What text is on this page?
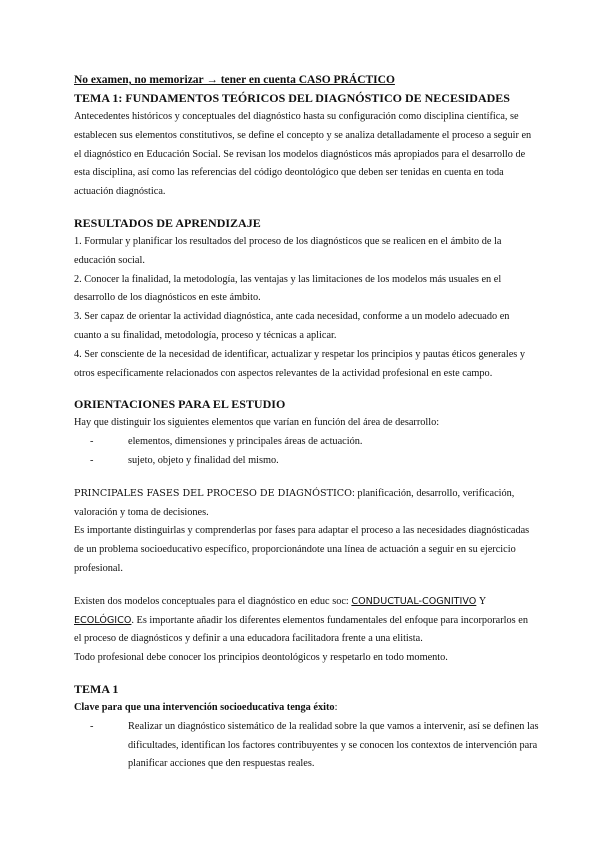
No examen, no memorizar → tener en cuenta CASO PRÁCTICO
TEMA 1: FUNDAMENTOS TEÓRICOS DEL DIAGNÓSTICO DE NECESIDADES
Antecedentes históricos y conceptuales del diagnóstico hasta su configuración como disciplina científica, se
establecen sus elementos constitutivos, se define el concepto y se analiza detalladamente el proceso a seguir en
el diagnóstico en Educación Social. Se revisan los modelos diagnósticos más apropiados para el desarrollo de
esta disciplina, así como las referencias del código deontológico que deben ser tenidas en cuenta en toda
actuación diagnóstica.
RESULTADOS DE APRENDIZAJE
1. Formular y planificar los resultados del proceso de los diagnósticos que se realicen en el ámbito de la
educación social.
2. Conocer la finalidad, la metodología, las ventajas y las limitaciones de los modelos más usuales en el
desarrollo de los diagnósticos en este ámbito.
3. Ser capaz de orientar la actividad diagnóstica, ante cada necesidad, conforme a un modelo adecuado en
cuanto a su finalidad, metodología, proceso y técnicas a aplicar.
4. Ser consciente de la necesidad de identificar, actualizar y respetar los principios y pautas éticos generales y
otros específicamente relacionados con aspectos relevantes de la actividad profesional en este campo.
ORIENTACIONES PARA EL ESTUDIO
Hay que distinguir los siguientes elementos que varían en función del área de desarrollo:
-	elementos, dimensiones y principales áreas de actuación.
-	sujeto, objeto y finalidad del mismo.
PRINCIPALES FASES DEL PROCESO DE DIAGNÓSTICO: planificación, desarrollo, verificación,
valoración y toma de decisiones.
Es importante distinguirlas y comprenderlas por fases para adaptar el proceso a las necesidades diagnósticadas
de un problema socioeducativo específico, proporcionándote una línea de actuación a seguir en su ejercicio
profesional.
Existen dos modelos conceptuales para el diagnóstico en educ soc: CONDUCTUAL-COGNITIVO Y
ECOLÓGICO. Es importante añadir los diferentes elementos fundamentales del enfoque para incorporarlos en
el proceso de diagnósticos y definir a una educadora facilitadora frente a una elitista.
Todo profesional debe conocer los principios deontológicos y respetarlo en todo momento.
TEMA 1
Clave para que una intervención socioeducativa tenga éxito:
-	Realizar un diagnóstico sistemático de la realidad sobre la que vamos a intervenir, así se definen las
dificultades, identifican los factores contribuyentes y se conocen los contextos de intervención para
planificar acciones que den respuestas reales.
